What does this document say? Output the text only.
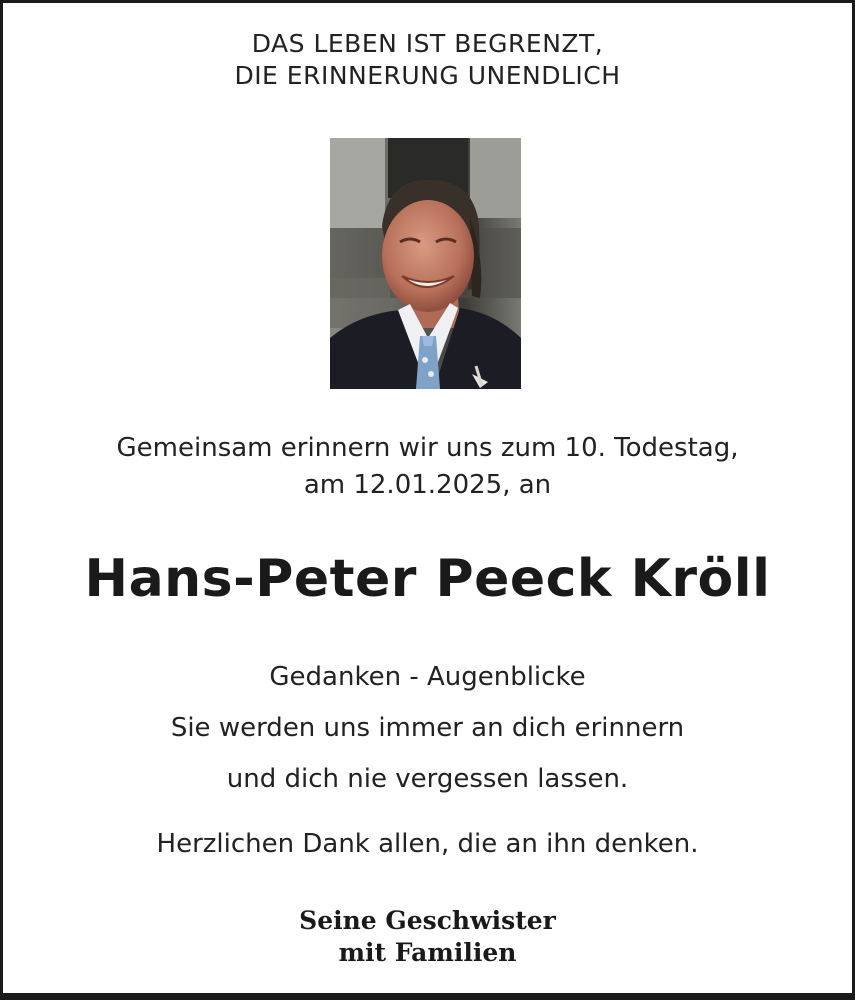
DAS LEBEN IST BEGRENZT,
DIE ERINNERUNG UNENDLICH
Gemeinsam erinnern wir uns zum 10. Todestag,
am 12.01.2025, an
Hans-Peter Peeck Kröll
Gedanken - Augenblicke
Sie werden uns immer an dich erinnern
und dich nie vergessen lassen.
Herzlichen Dank allen, die an ihn denken.
Seine Geschwister
mit Familien
